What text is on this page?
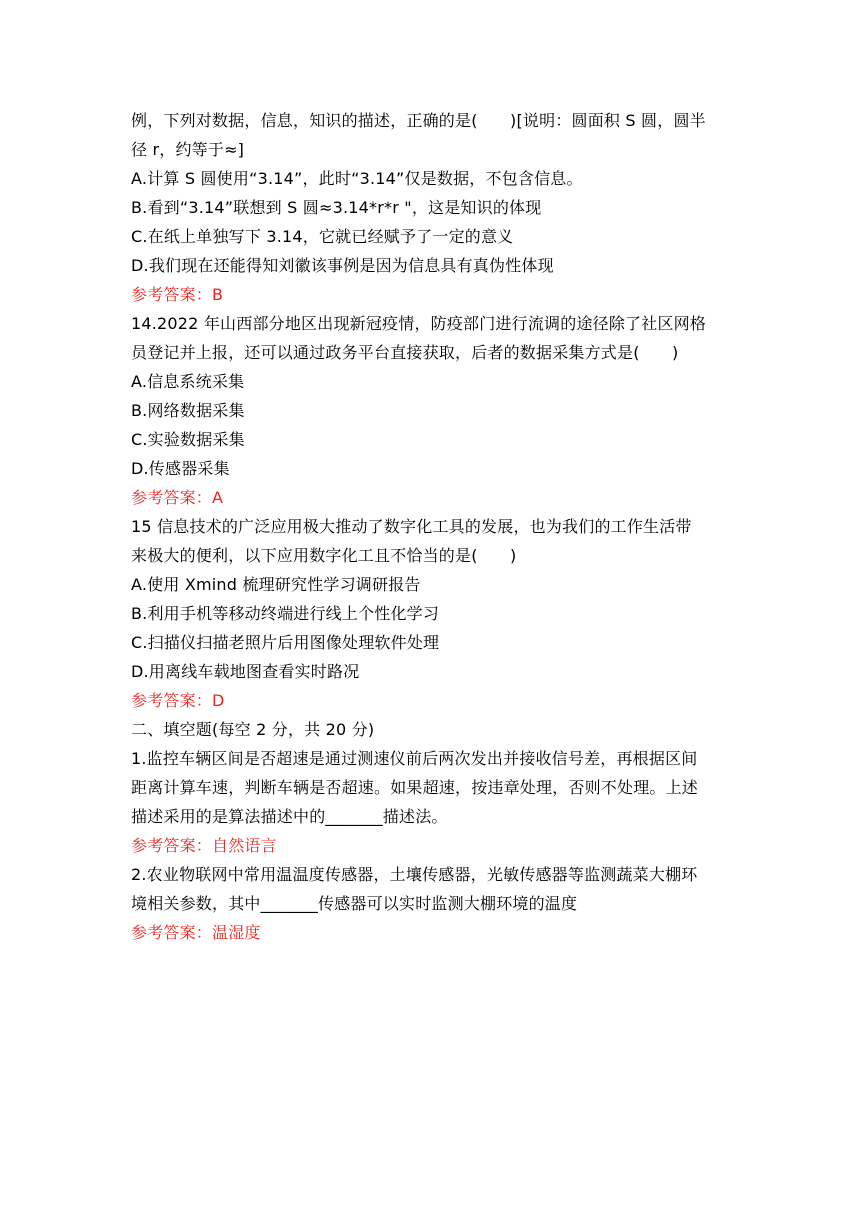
例，下列对数据，信息，知识的描述，正确的是(　　)[说明：圆面积 S 圆，圆半
径 r，约等于≈]
A.计算 S 圆使用“3.14”，此时“3.14”仅是数据，不包含信息。
B.看到“3.14”联想到 S 圆≈3.14*r*r "，这是知识的体现
C.在纸上单独写下 3.14，它就已经赋予了一定的意义
D.我们现在还能得知刘徽该事例是因为信息具有真伪性体现
参考答案：B
14.2022 年山西部分地区出现新冠疫情，防疫部门进行流调的途径除了社区网格
员登记并上报，还可以通过政务平台直接获取，后者的数据采集方式是(　　)
A.信息系统采集
B.网络数据采集
C.实验数据采集
D.传感器采集
参考答案：A
15 信息技术的广泛应用极大推动了数字化工具的发展，也为我们的工作生活带
来极大的便利，以下应用数字化工且不恰当的是(　　)
A.使用 Xmind 梳理研究性学习调研报告
B.利用手机等移动终端进行线上个性化学习
C.扫描仪扫描老照片后用图像处理软件处理
D.用离线车载地图查看实时路况
参考答案：D
二、填空题(每空 2 分，共 20 分)
1.监控车辆区间是否超速是通过测速仪前后两次发出并接收信号差，再根据区间
距离计算车速，判断车辆是否超速。如果超速，按违章处理，否则不处理。上述
描述采用的是算法描述中的_______描述法。
参考答案：自然语言
2.农业物联网中常用温温度传感器，土壤传感器，光敏传感器等监测蔬菜大棚环
境相关参数，其中_______传感器可以实时监测大棚环境的温度
参考答案：温湿度
